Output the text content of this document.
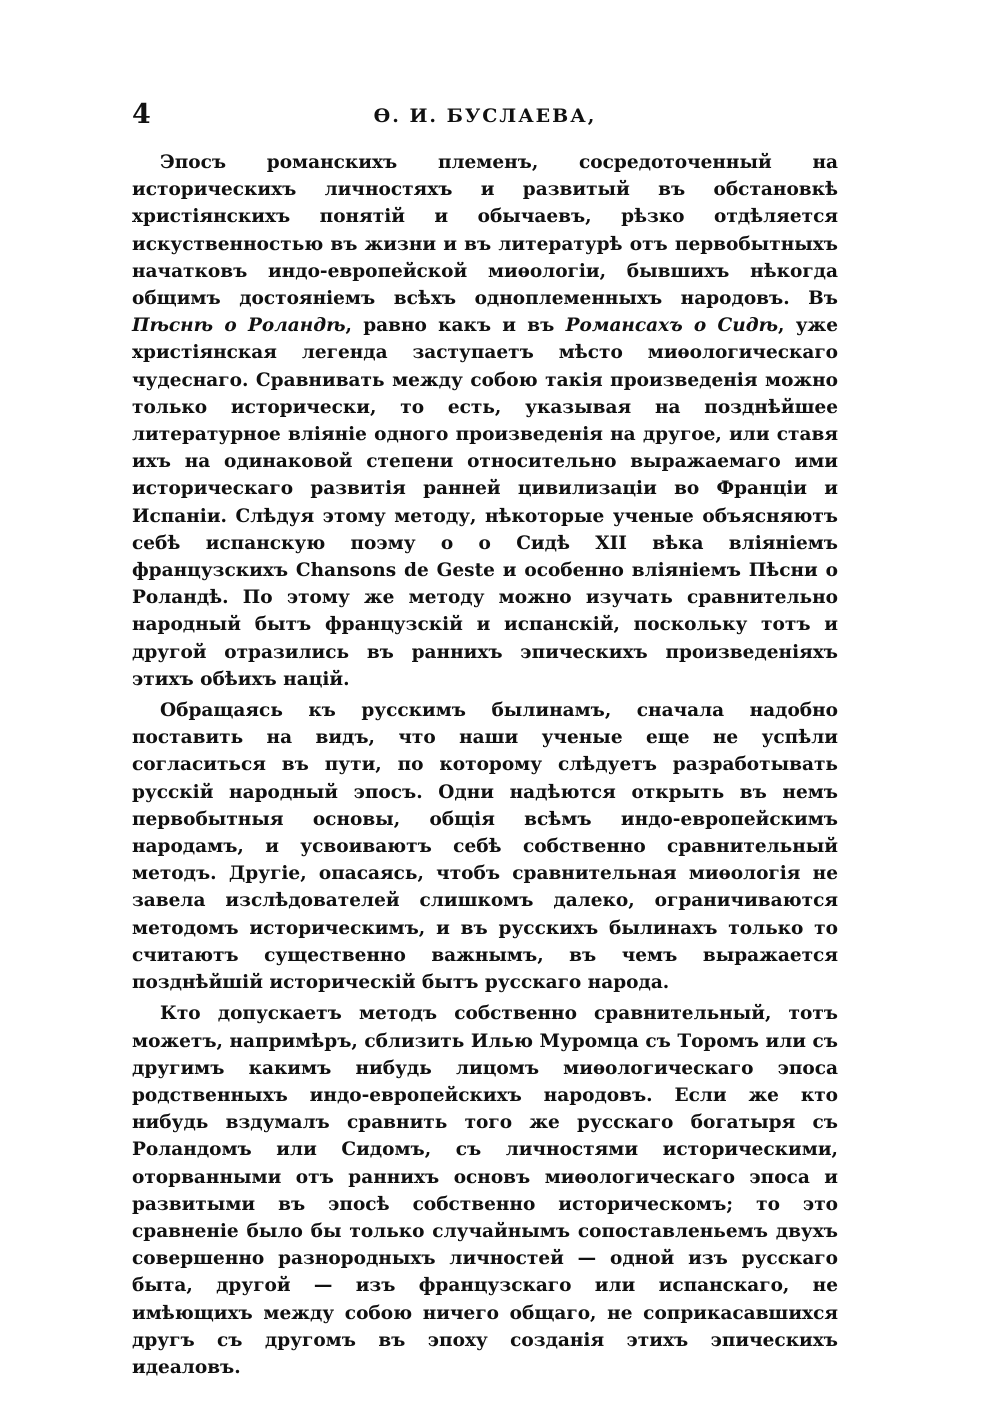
4	Ѳ. И. БУСЛАЕВА,

Эпосъ романскихъ племенъ, сосредоточенный на историческихъ личностяхъ и развитый въ обстановкѣ христіянскихъ понятій и обычаевъ, рѣзко отдѣляется искуственностью въ жизни и въ литературѣ отъ первобытныхъ начатковъ индо-европейской миѳологіи, бывшихъ нѣкогда общимъ достояніемъ всѣхъ одноплеменныхъ народовъ. Въ Пѣснѣ о Роландѣ, равно какъ и въ Романсахъ о Сидѣ, уже христіянская легенда заступаетъ мѣсто миѳологическаго чудеснаго. Сравнивать между собою такія произведенія можно только исторически, то есть, указывая на позднѣйшее литературное вліяніе одного произведенія на другое, или ставя ихъ на одинаковой степени относительно выражаемаго ими историческаго развитія ранней цивилизаціи во Франціи и Испаніи. Слѣдуя этому методу, нѣкоторые ученые объясняютъ себѣ испанскую поэму о о Сидѣ XII вѣка вліяніемъ французскихъ Chansons de Geste и особенно вліяніемъ Пѣсни о Роландѣ. По этому же методу можно изучать сравнительно народный бытъ французскій и испанскій, поскольку тотъ и другой отразились въ раннихъ эпическихъ произведеніяхъ этихъ обѣихъ націй.

Обращаясь къ русскимъ былинамъ, сначала надобно поставить на видъ, что наши ученые еще не успѣли согласиться въ пути, по которому слѣдуетъ разработывать русскій народный эпосъ. Одни надѣются открыть въ немъ первобытныя основы, общія всѣмъ индо-европейскимъ народамъ, и усвоиваютъ себѣ собственно сравнительный методъ. Другіе, опасаясь, чтобъ сравнительная миѳологія не завела изслѣдователей слишкомъ далеко, ограничиваются методомъ историческимъ, и въ русскихъ былинахъ только то считаютъ существенно важнымъ, въ чемъ выражается позднѣйшій историческій бытъ русскаго народа.

Кто допускаетъ методъ собственно сравнительный, тотъ можетъ, напримѣръ, сблизить Илью Муромца съ Торомъ или съ другимъ какимъ нибудь лицомъ миѳологическаго эпоса родственныхъ индо-европейскихъ народовъ. Если же кто нибудь вздумалъ сравнить того же русскаго богатыря съ Роландомъ или Сидомъ, съ личностями историческими, оторванными отъ раннихъ основъ миѳологическаго эпоса и развитыми въ эпосѣ собственно историческомъ; то это сравненіе было бы только случайнымъ сопоставленьемъ двухъ совершенно разнородныхъ личностей — одной изъ русскаго быта, другой — изъ французскаго или испанскаго, не имѣющихъ между собою ничего общаго, не соприкасавшихся другъ съ другомъ въ эпоху созданія этихъ эпическихъ идеаловъ.
